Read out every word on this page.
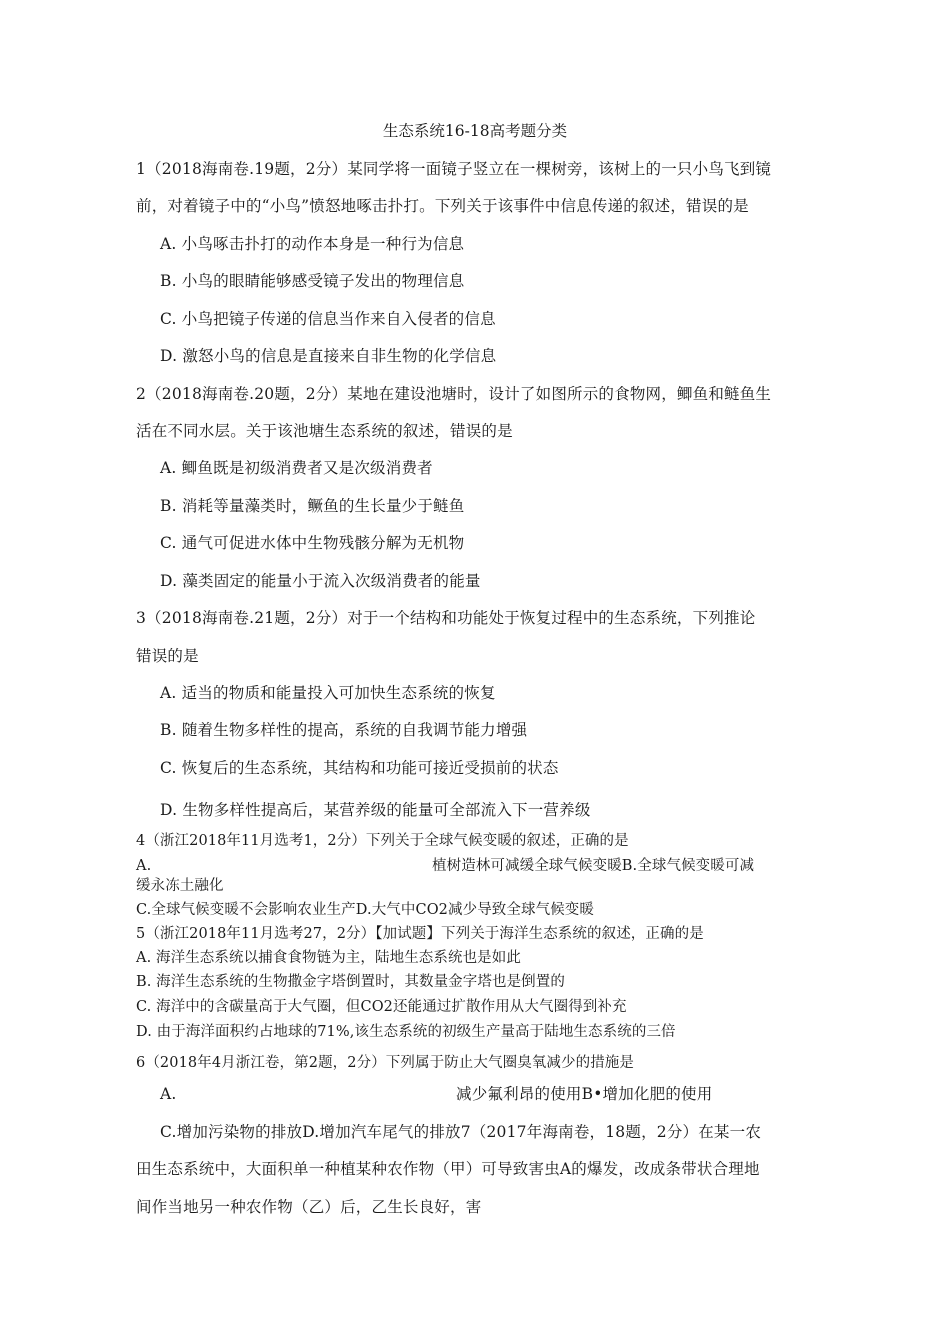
生态系统16-18高考题分类
1（2018海南卷.19题，2分）某同学将一面镜子竖立在一棵树旁，该树上的一只小鸟飞到镜
前，对着镜子中的“小鸟”愤怒地啄击扑打。下列关于该事件中信息传递的叙述，错误的是
A. 小鸟啄击扑打的动作本身是一种行为信息
B. 小鸟的眼睛能够感受镜子发出的物理信息
C. 小鸟把镜子传递的信息当作来自入侵者的信息
D. 激怒小鸟的信息是直接来自非生物的化学信息
2（2018海南卷.20题，2分）某地在建设池塘时，设计了如图所示的食物网，鲫鱼和鲢鱼生
活在不同水层。关于该池塘生态系统的叙述，错误的是
A. 鲫鱼既是初级消费者又是次级消费者
B. 消耗等量藻类时，鳜鱼的生长量少于鲢鱼
C. 通气可促进水体中生物残骸分解为无机物
D. 藻类固定的能量小于流入次级消费者的能量
3（2018海南卷.21题，2分）对于一个结构和功能处于恢复过程中的生态系统，下列推论
错误的是
A. 适当的物质和能量投入可加快生态系统的恢复
B. 随着生物多样性的提高，系统的自我调节能力增强
C. 恢复后的生态系统，其结构和功能可接近受损前的状态
D. 生物多样性提高后，某营养级的能量可全部流入下一营养级
4（浙江2018年11月选考1，2分）下列关于全球气候变暖的叙述，正确的是
A.	植树造林可减缓全球气候变暖B.全球气候变暖可减
缓永冻土融化
C.全球气候变暖不会影响农业生产D.大气中CO2减少导致全球气候变暖
5（浙江2018年11月选考27，2分）【加试题】下列关于海洋生态系统的叙述，正确的是
A. 海洋生态系统以捕食食物链为主，陆地生态系统也是如此
B. 海洋生态系统的生物撒金字塔倒置时，其数量金字塔也是倒置的
C. 海洋中的含碳量高于大气圈，但CO2还能通过扩散作用从大气圈得到补充
D. 由于海洋面积约占地球的71%,该生态系统的初级生产量高于陆地生态系统的三倍
6（2018年4月浙江卷，第2题，2分）下列属于防止大气圈臭氧减少的措施是
A.	减少氟利昂的使用B•增加化肥的使用
C.增加污染物的排放D.增加汽车尾气的排放7（2017年海南卷，18题，2分）在某一农
田生态系统中，大面积单一种植某种农作物（甲）可导致害虫A的爆发，改成条带状合理地
间作当地另一种农作物（乙）后，乙生长良好，害
